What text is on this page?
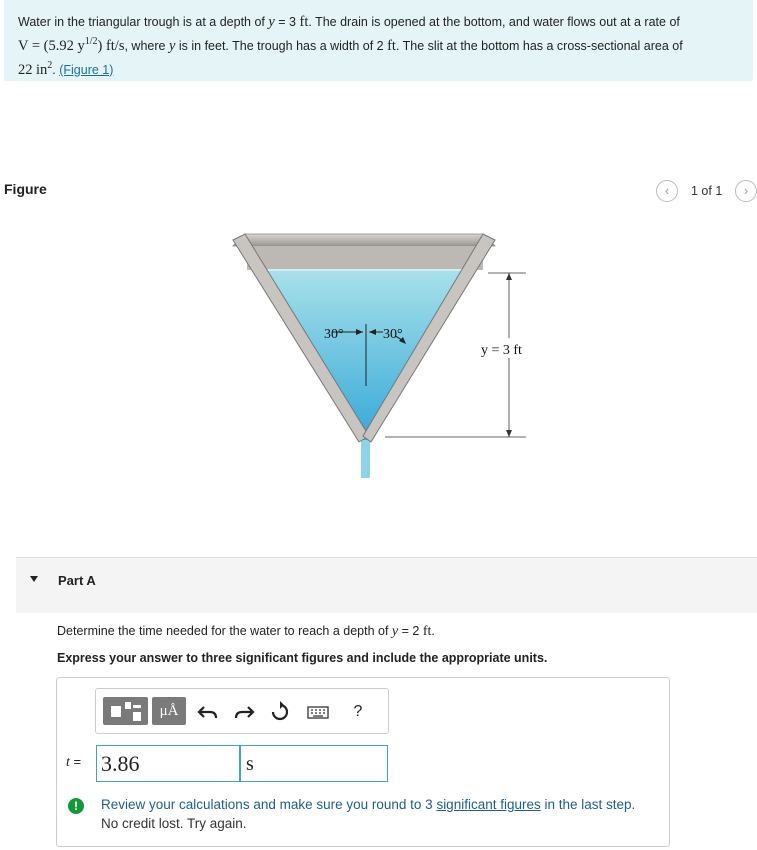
Water in the triangular trough is at a depth of y = 3 ft. The drain is opened at the bottom, and water flows out at a rate of
V = (5.92 $y^{1/2}$) ft/s, where y is in feet. The trough has a width of 2 ft. The slit at the bottom has a cross-sectional area of
22 $in^2$. (Figure 1)
Figure	‹	1 of 1	›
30°	30°
y = 3 ft
Part A
Determine the time needed for the water to reach a depth of y = 2 ft.
Express your answer to three significant figures and include the appropriate units.
μÅ	?
t = 3.86	s
!	Review your calculations and make sure you round to 3 significant figures in the last step.
No credit lost. Try again.
